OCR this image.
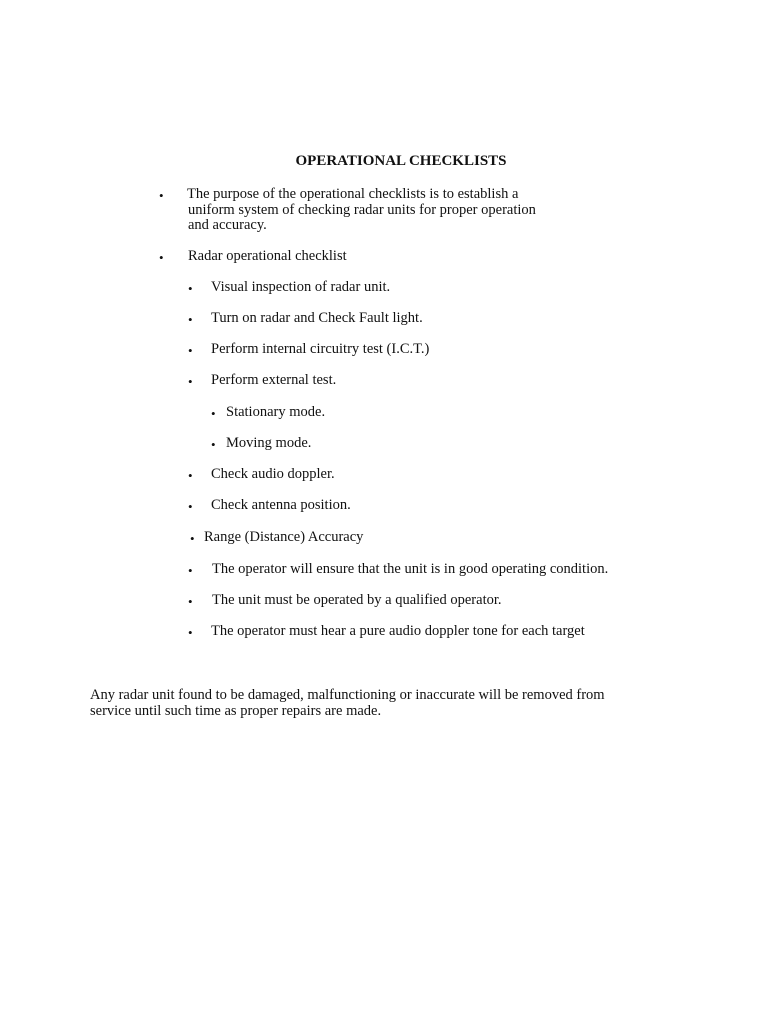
OPERATIONAL CHECKLISTS
• The purpose of the operational checklists is to establish a
uniform system of checking radar units for proper operation
and accuracy.
• Radar operational checklist
• Visual inspection of radar unit.
• Turn on radar and Check Fault light.
• Perform internal circuitry test (I.C.T.)
• Perform external test.
• Stationary mode.
• Moving mode.
• Check audio doppler.
• Check antenna position.
• Range (Distance) Accuracy
• The operator will ensure that the unit is in good operating condition.
• The unit must be operated by a qualified operator.
• The operator must hear a pure audio doppler tone for each target
Any radar unit found to be damaged, malfunctioning or inaccurate will be removed from
service until such time as proper repairs are made.
